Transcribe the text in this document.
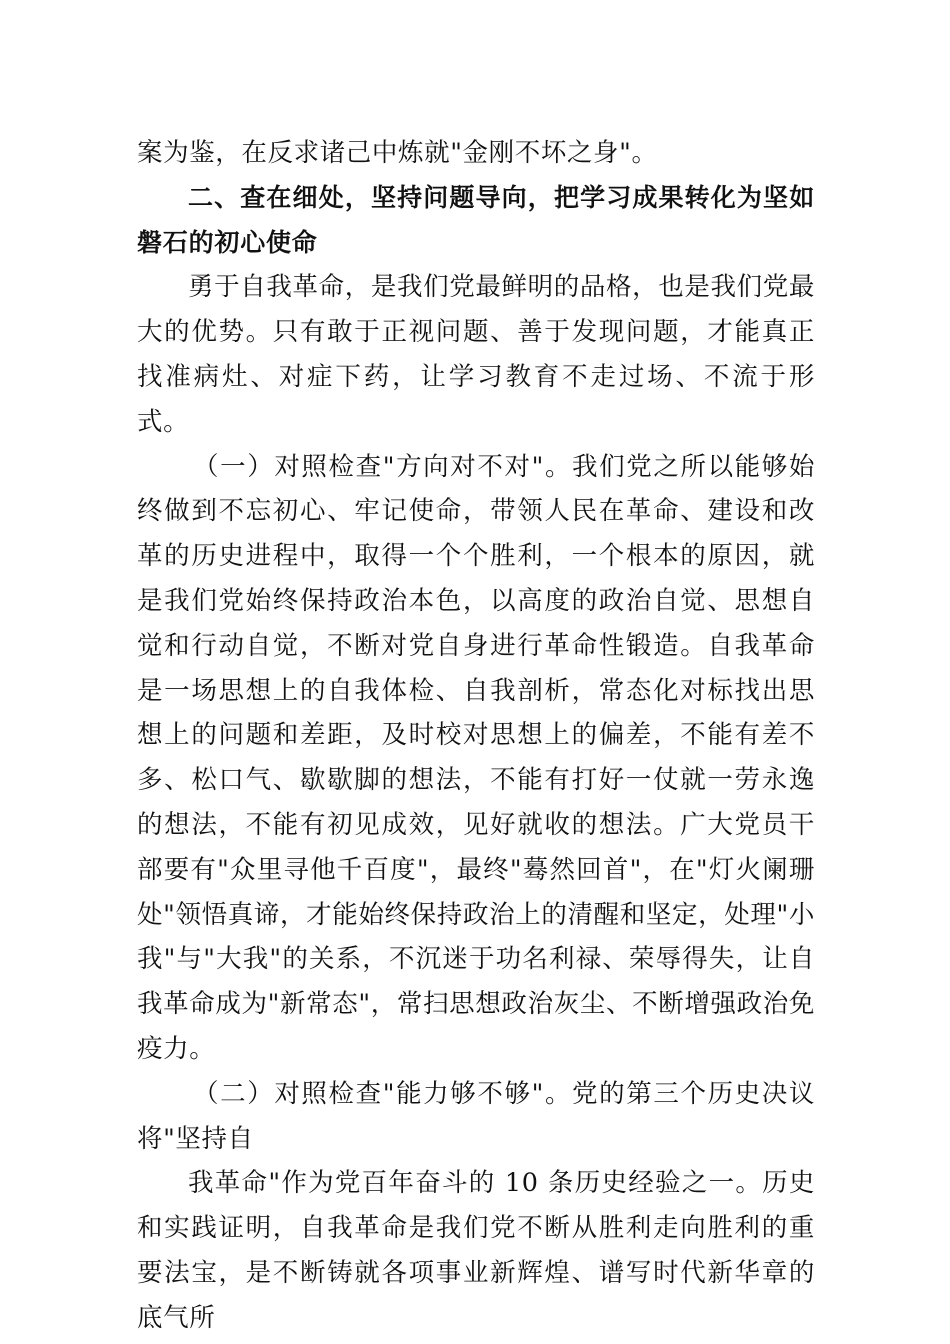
案为鉴，在反求诸己中炼就"金刚不坏之身"。

二、查在细处，坚持问题导向，把学习成果转化为坚如磐石的初心使命

勇于自我革命，是我们党最鲜明的品格，也是我们党最大的优势。只有敢于正视问题、善于发现问题，才能真正找准病灶、对症下药，让学习教育不走过场、不流于形式。

（一）对照检查"方向对不对"。我们党之所以能够始终做到不忘初心、牢记使命，带领人民在革命、建设和改革的历史进程中，取得一个个胜利，一个根本的原因，就是我们党始终保持政治本色，以高度的政治自觉、思想自觉和行动自觉，不断对党自身进行革命性锻造。自我革命是一场思想上的自我体检、自我剖析，常态化对标找出思想上的问题和差距，及时校对思想上的偏差，不能有差不多、松口气、歇歇脚的想法，不能有打好一仗就一劳永逸的想法，不能有初见成效，见好就收的想法。广大党员干部要有"众里寻他千百度"，最终"蓦然回首"，在"灯火阑珊处"领悟真谛，才能始终保持政治上的清醒和坚定，处理"小我"与"大我"的关系，不沉迷于功名利禄、荣辱得失，让自我革命成为"新常态"，常扫思想政治灰尘、不断增强政治免疫力。

（二）对照检查"能力够不够"。党的第三个历史决议将"坚持自

我革命"作为党百年奋斗的 10 条历史经验之一。历史和实践证明，自我革命是我们党不断从胜利走向胜利的重要法宝，是不断铸就各项事业新辉煌、谱写时代新华章的底气所
